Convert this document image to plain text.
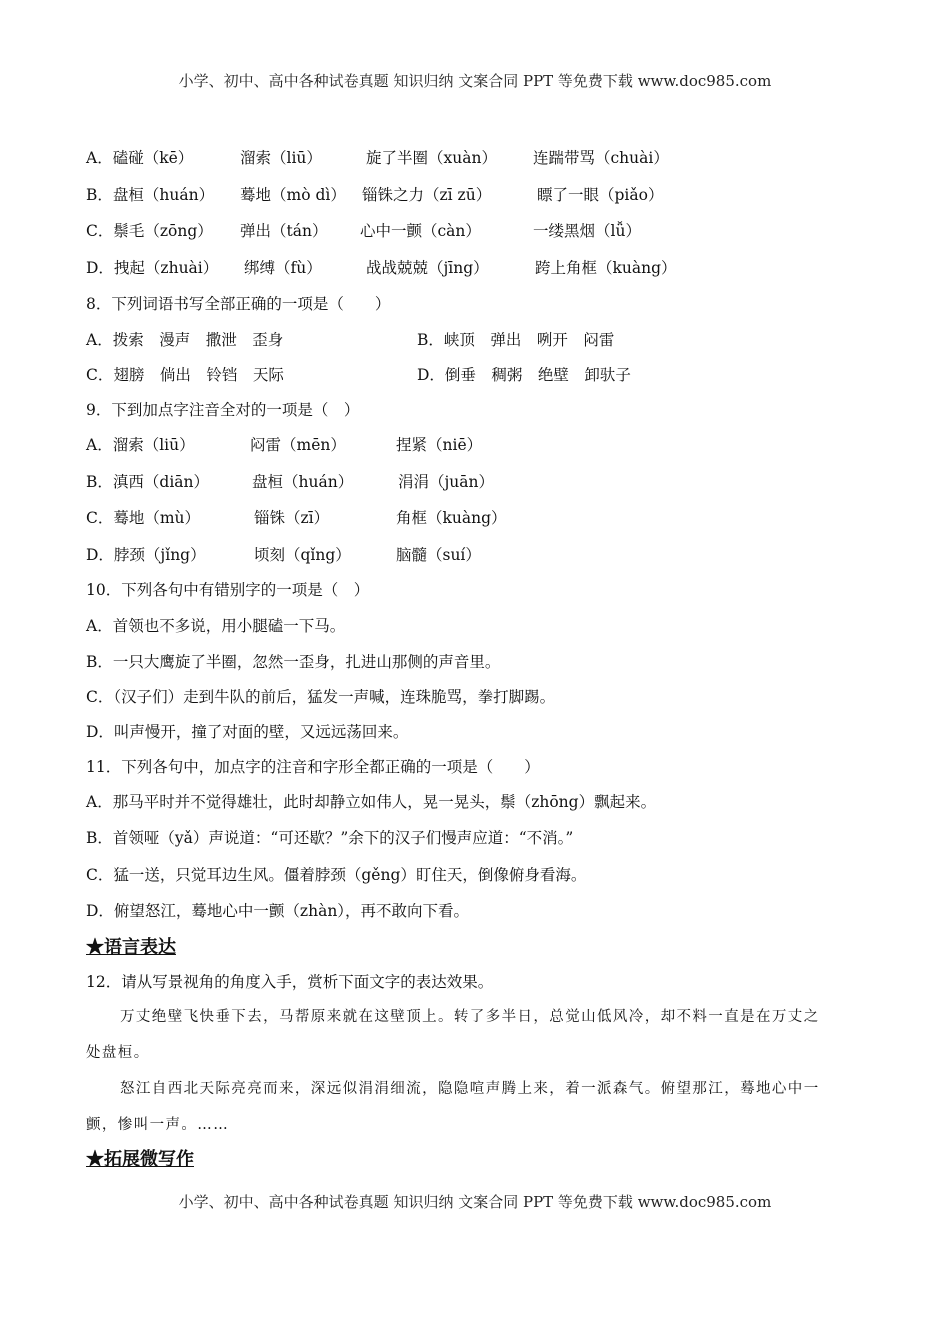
小学、初中、高中各种试卷真题 知识归纳 文案合同 PPT 等免费下载 www.doc985.com
A．磕碰（kē）	溜索（liū）	旋了半圈（xuàn） 连踹带骂（chuài）
B．盘桓（huán） 蓦地（mò dì） 锱铢之力（zī zū）	瞟了一眼（piǎo）
C．鬃毛（zōng） 弹出（tán） 心中一颤（càn）	一缕黑烟（lǚ）
D．拽起（zhuài） 绑缚（fù）	战战兢兢（jīng）	跨上角框（kuàng）
8．下列词语书写全部正确的一项是（　　）
A．拨索　漫声　撒泄　歪身	B．峡顶　弹出　咧开　闷雷
C．翅膀　倘出　铃铛　天际	D．倒垂　稠粥　绝壁　卸驮子
9．下到加点字注音全对的一项是（　）
A．溜索（liū）	闷雷（mēn）	捏紧（niē）
B．滇西（diān）	盘桓（huán）	涓涓（juān）
C．蓦地（mù）	锱铢（zī）	角框（kuàng）
D．脖颈（jǐng）	顷刻（qǐng）	脑髓（suí）
10．下列各句中有错别字的一项是（　）
A．首领也不多说，用小腿磕一下马。
B．一只大鹰旋了半圈，忽然一歪身，扎进山那侧的声音里。
C．（汉子们）走到牛队的前后，猛发一声喊，连珠脆骂，拳打脚踢。
D．叫声慢开，撞了对面的壁，又远远荡回来。
11．下列各句中，加点字的注音和字形全都正确的一项是（　　）
A．那马平时并不觉得雄壮，此时却静立如伟人，晃一晃头，鬃（zhōng）飘起来。
B．首领哑（yǎ）声说道：“可还歇？”余下的汉子们慢声应道：“不消。”
C．猛一送，只觉耳边生风。僵着脖颈（gěng）盯住天，倒像俯身看海。
D．俯望怒江，蓦地心中一颤（zhàn），再不敢向下看。
★语言表达
12．请从写景视角的角度入手，赏析下面文字的表达效果。
万丈绝壁飞快垂下去，马帮原来就在这壁顶上。转了多半日，总觉山低风冷，却不料一直是在万丈之
处盘桓。
怒江自西北天际亮亮而来，深远似涓涓细流，隐隐喧声腾上来，着一派森气。俯望那江，蓦地心中一
颤，惨叫一声。……
★拓展微写作
小学、初中、高中各种试卷真题 知识归纳 文案合同 PPT 等免费下载 www.doc985.com
